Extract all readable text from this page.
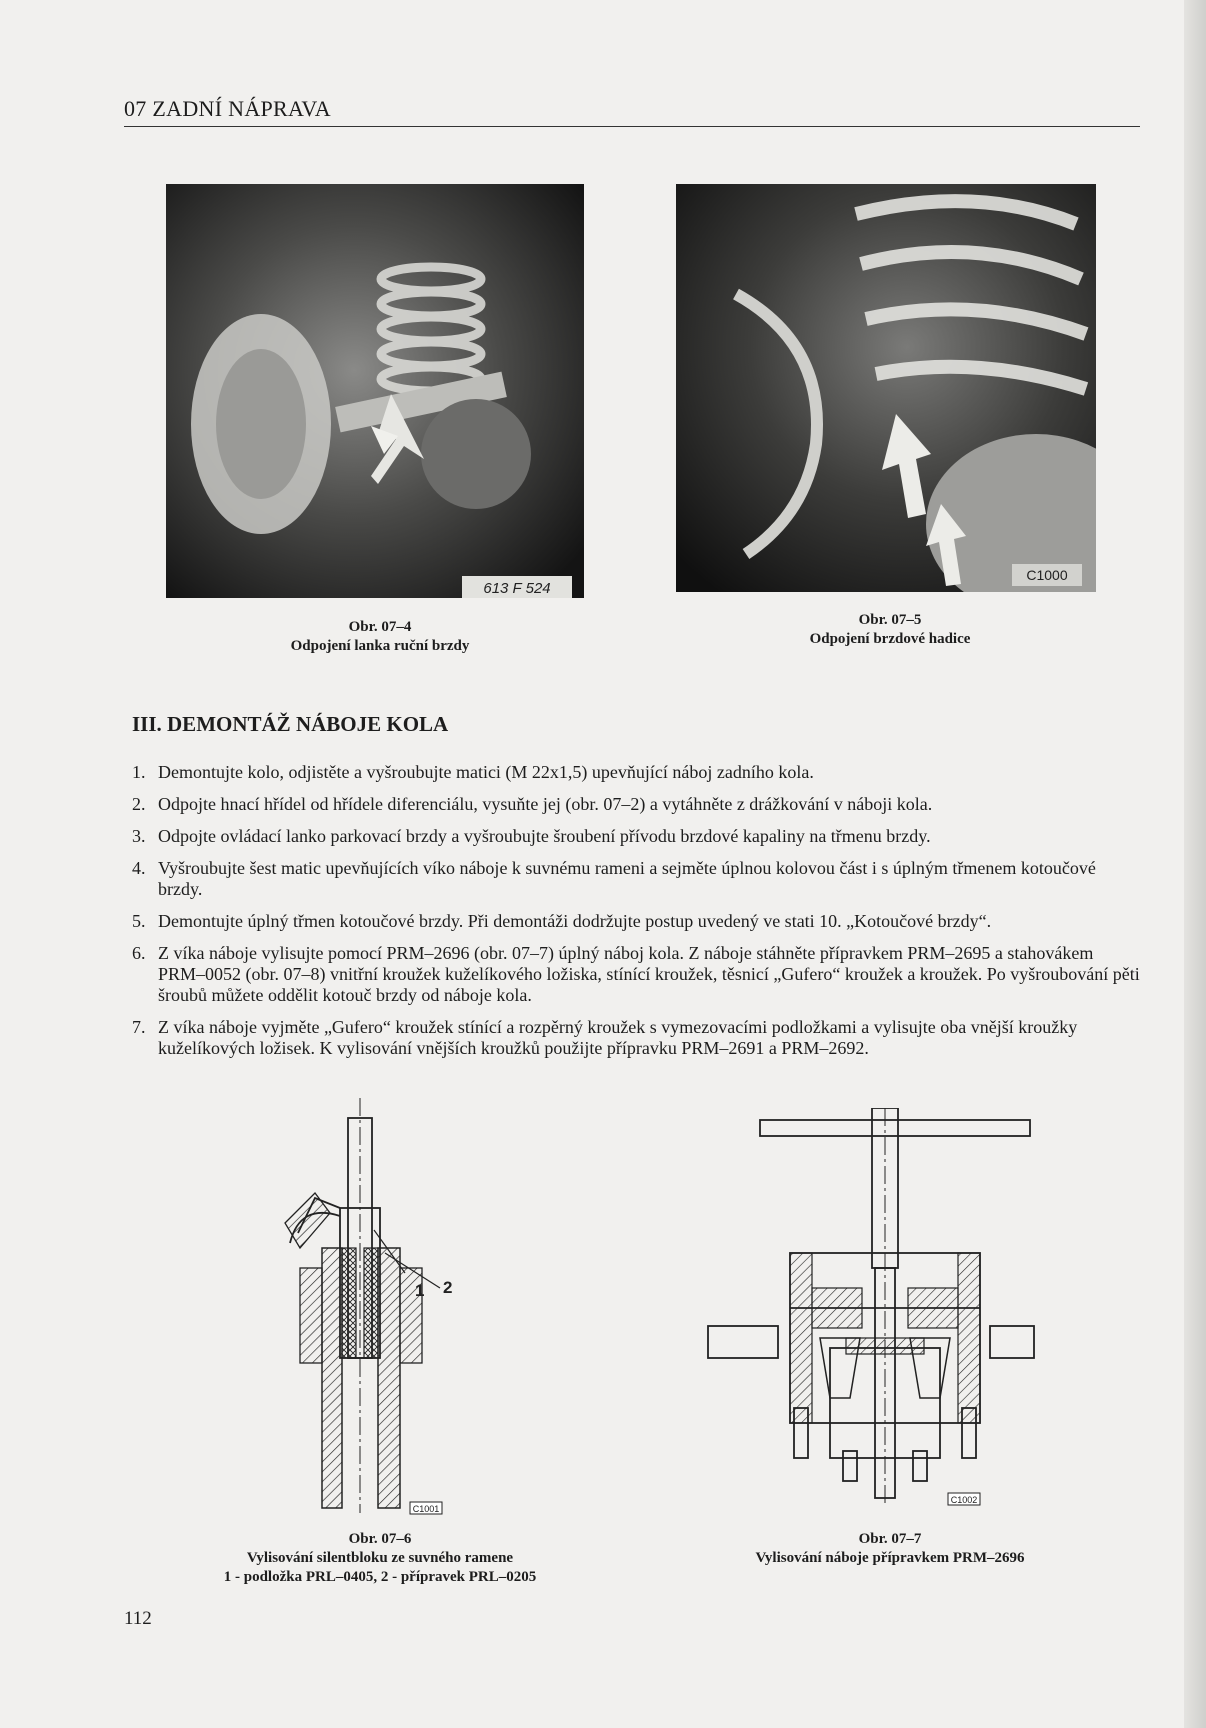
07 ZADNÍ NÁPRAVA
613 F 524
C1000
Obr. 07–4
Odpojení lanka ruční brzdy
Obr. 07–5
Odpojení brzdové hadice
III. DEMONTÁŽ NÁBOJE KOLA
1. Demontujte kolo, odjistěte a vyšroubujte matici (M 22x1,5) upevňující náboj zadního kola.
2. Odpojte hnací hřídel od hřídele diferenciálu, vysuňte jej (obr. 07–2) a vytáhněte z drážkování v náboji kola.
3. Odpojte ovládací lanko parkovací brzdy a vyšroubujte šroubení přívodu brzdové kapaliny na třmenu brzdy.
4. Vyšroubujte šest matic upevňujících víko náboje k suvnému rameni a sejměte úplnou kolovou část i s úplným třmenem kotoučové brzdy.
5. Demontujte úplný třmen kotoučové brzdy. Při demontáži dodržujte postup uvedený ve stati 10. „Kotoučové brzdy“.
6. Z víka náboje vylisujte pomocí PRM–2696 (obr. 07–7) úplný náboj kola. Z náboje stáhněte přípravkem PRM–2695 a stahovákem PRM–0052 (obr. 07–8) vnitřní kroužek kuželíkového ložiska, stínící kroužek, těsnicí „Gufero“ kroužek a kroužek. Po vyšroubování pěti šroubů můžete oddělit kotouč brzdy od náboje kola.
7. Z víka náboje vyjměte „Gufero“ kroužek stínící a rozpěrný kroužek s vymezovacími podložkami a vylisujte oba vnější kroužky kuželíkových ložisek. K vylisování vnějších kroužků použijte přípravku PRM–2691 a PRM–2692.
1 2
C1001
C1002
Obr. 07–6
Vylisování silentbloku ze suvného ramene
1 - podložka PRL–0405, 2 - přípravek PRL–0205
Obr. 07–7
Vylisování náboje přípravkem PRM–2696
112
